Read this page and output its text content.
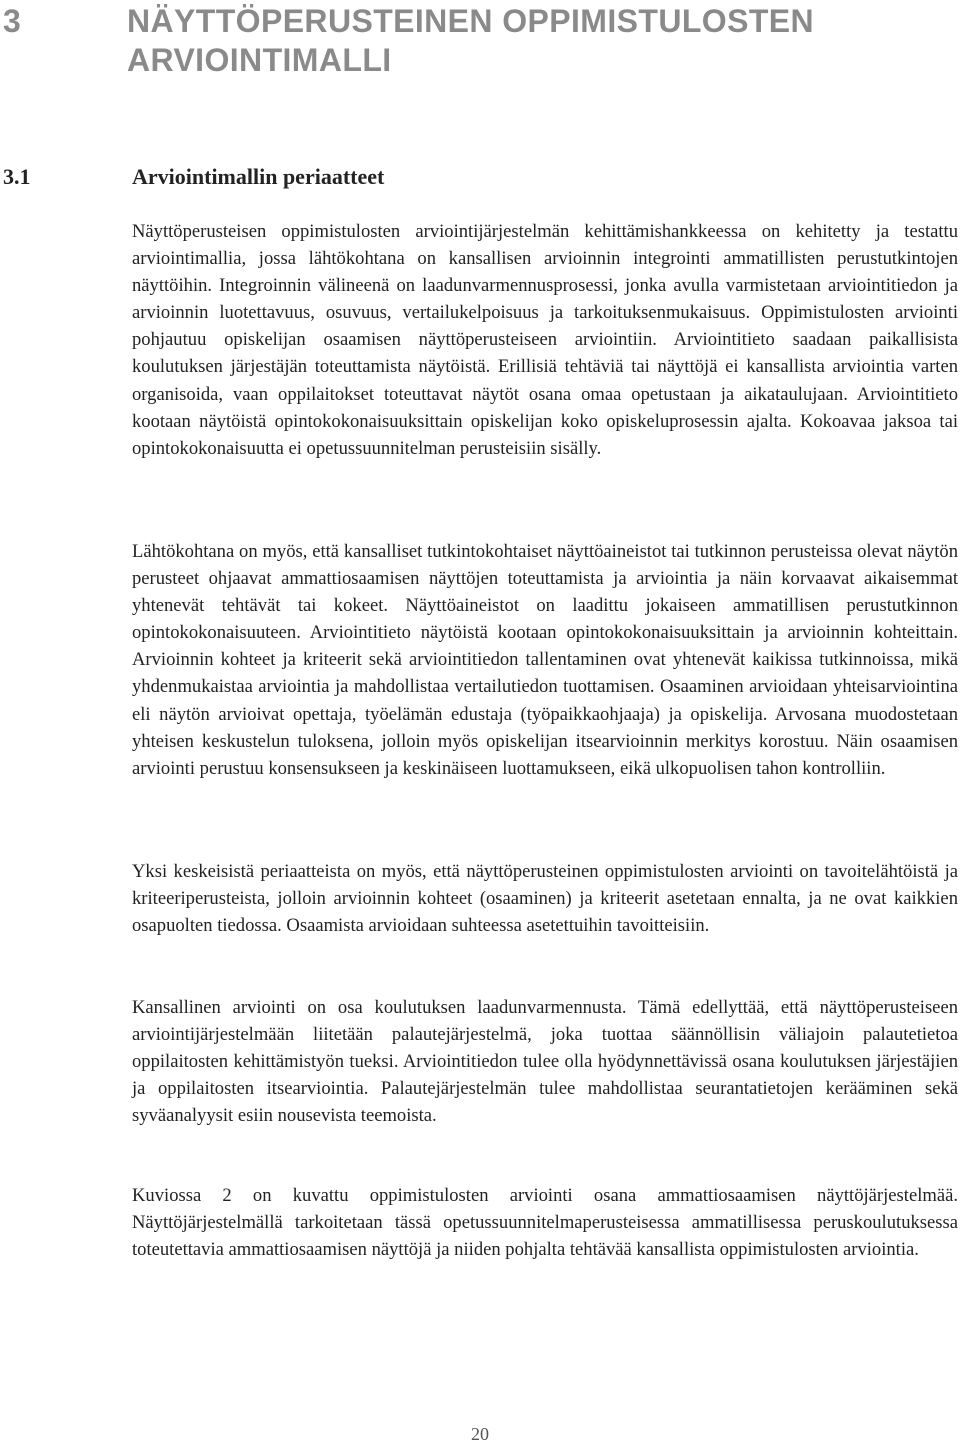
3	NÄYTTÖPERUSTEINEN OPPIMISTULOSTEN ARVIOINTIMALLI
3.1	Arviointimallin periaatteet

Näyttöperusteisen oppimistulosten arviointijärjestelmän kehittämishankkeessa on kehitetty ja testattu arviointimallia, jossa lähtökohtana on kansallisen arvioinnin integrointi ammatillisten perustutkintojen näyttöihin. Integroinnin välineenä on laadunvarmennusprosessi, jonka avulla varmistetaan arviointitiedon ja arvioinnin luotettavuus, osuvuus, vertailukelpoisuus ja tarkoituksenmukaisuus. Oppimistulosten arviointi pohjautuu opiskelijan osaamisen näyttöperusteiseen arviointiin. Arviointitieto saadaan paikallisista koulutuksen järjestäjän toteuttamista näytöistä. Erillisiä tehtäviä tai näyttöjä ei kansallista arviointia varten organisoida, vaan oppilaitokset toteuttavat näytöt osana omaa opetustaan ja aikataulujaan. Arviointitieto kootaan näytöistä opintokokonaisuuksittain opiskelijan koko opiskeluprosessin ajalta. Kokoavaa jaksoa tai opintokokonaisuutta ei opetussuunnitelman perusteisiin sisälly.

Lähtökohtana on myös, että kansalliset tutkintokohtaiset näyttöaineistot tai tutkinnon perusteissa olevat näytön perusteet ohjaavat ammattiosaamisen näyttöjen toteuttamista ja arviointia ja näin korvaavat aikaisemmat yhtenevät tehtävät tai kokeet. Näyttöaineistot on laadittu jokaiseen ammatillisen perustutkinnon opintokokonaisuuteen. Arviointitieto näytöistä kootaan opintokokonaisuuksittain ja arvioinnin kohteittain. Arvioinnin kohteet ja kriteerit sekä arviointitiedon tallentaminen ovat yhtenevät kaikissa tutkinnoissa, mikä yhdenmukaistaa arviointia ja mahdollistaa vertailutiedon tuottamisen. Osaaminen arvioidaan yhteisarviointina eli näytön arvioivat opettaja, työelämän edustaja (työpaikkaohjaaja) ja opiskelija. Arvosana muodostetaan yhteisen keskustelun tuloksena, jolloin myös opiskelijan itsearvioinnin merkitys korostuu. Näin osaamisen arviointi perustuu konsensukseen ja keskinäiseen luottamukseen, eikä ulkopuolisen tahon kontrolliin.

Yksi keskeisistä periaatteista on myös, että näyttöperusteinen oppimistulosten arviointi on tavoitelähtöistä ja kriteeriperusteista, jolloin arvioinnin kohteet (osaaminen) ja kriteerit asetetaan ennalta, ja ne ovat kaikkien osapuolten tiedossa. Osaamista arvioidaan suhteessa asetettuihin tavoitteisiin.

Kansallinen arviointi on osa koulutuksen laadunvarmennusta. Tämä edellyttää, että näyttöperusteiseen arviointijärjestelmään liitetään palautejärjestelmä, joka tuottaa säännöllisin väliajoin palautetietoa oppilaitosten kehittämistyön tueksi. Arviointitiedon tulee olla hyödynnettävissä osana koulutuksen järjestäjien ja oppilaitosten itsearviointia. Palautejärjestelmän tulee mahdollistaa seurantatietojen kerääminen sekä syväanalyysit esiin nousevista teemoista.

Kuviossa 2 on kuvattu oppimistulosten arviointi osana ammattiosaamisen näyttöjärjestelmää. Näyttöjärjestelmällä tarkoitetaan tässä opetussuunnitelmaperusteisessa ammatillisessa peruskoulutuksessa toteutettavia ammattiosaamisen näyttöjä ja niiden pohjalta tehtävää kansallista oppimistulosten arviointia.

20
